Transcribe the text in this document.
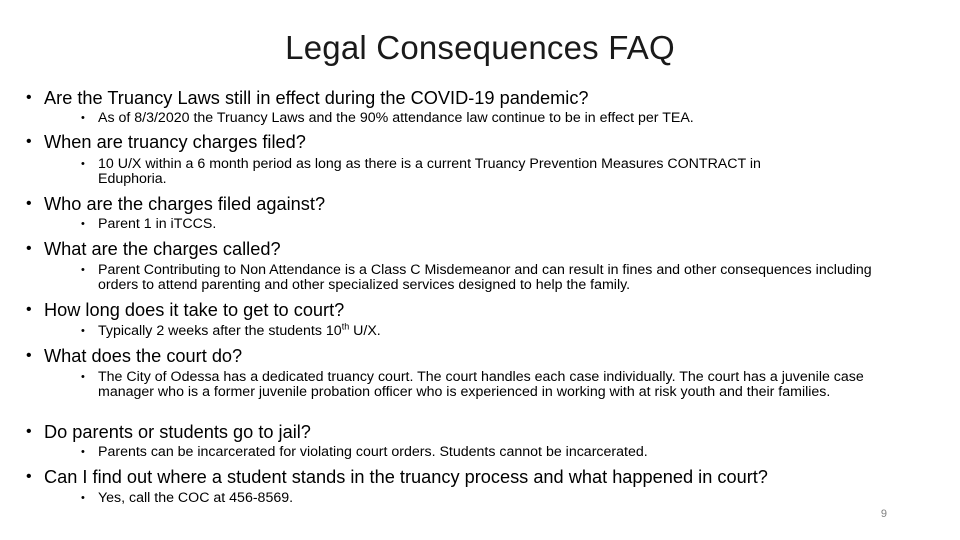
Legal Consequences FAQ
• Are the Truancy Laws still in effect during the COVID-19 pandemic?
• As of 8/3/2020 the Truancy Laws and the 90% attendance law continue to be in effect per TEA.
• When are truancy charges filed?
• 10 U/X within a 6 month period as long as there is a current Truancy Prevention Measures CONTRACT in Eduphoria.
• Who are the charges filed against?
• Parent 1 in iTCCS.
• What are the charges called?
• Parent Contributing to Non Attendance is a Class C Misdemeanor and can result in fines and other consequences including orders to attend parenting and other specialized services designed to help the family.
• How long does it take to get to court?
• Typically 2 weeks after the students 10th U/X.
• What does the court do?
• The City of Odessa has a dedicated truancy court. The court handles each case individually. The court has a juvenile case manager who is a former juvenile probation officer who is experienced in working with at risk youth and their families.
• Do parents or students go to jail?
• Parents can be incarcerated for violating court orders. Students cannot be incarcerated.
• Can I find out where a student stands in the truancy process and what happened in court?
• Yes, call the COC at 456-8569.
9
